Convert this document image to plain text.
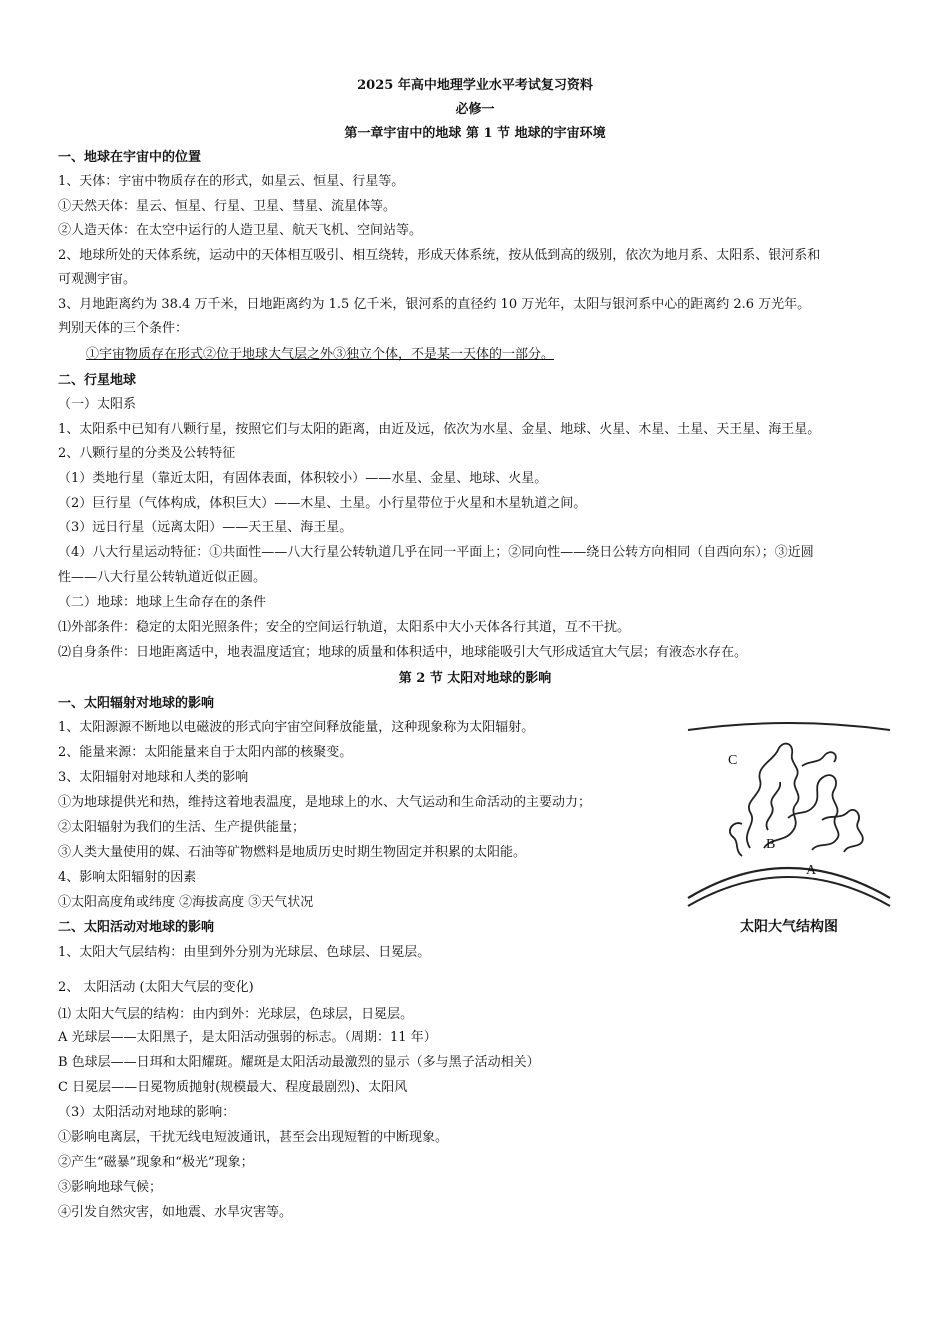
2025 年高中地理学业水平考试复习资料
必修一
第一章宇宙中的地球 第 1 节 地球的宇宙环境
一、地球在宇宙中的位置
1、天体：宇宙中物质存在的形式，如星云、恒星、行星等。
①天然天体：星云、恒星、行星、卫星、彗星、流星体等。
②人造天体：在太空中运行的人造卫星、航天飞机、空间站等。
2、地球所处的天体系统，运动中的天体相互吸引、相互绕转，形成天体系统，按从低到高的级别，依次为地月系、太阳系、银河系和
可观测宇宙。
3、月地距离约为 38.4 万千米，日地距离约为 1.5 亿千米，银河系的直径约 10 万光年，太阳与银河系中心的距离约 2.6 万光年。
判别天体的三个条件：
①宇宙物质存在形式②位于地球大气层之外③独立个体，不是某一天体的一部分。
二、行星地球
（一）太阳系
1、太阳系中已知有八颗行星，按照它们与太阳的距离，由近及远，依次为水星、金星、地球、火星、木星、土星、天王星、海王星。
2、八颗行星的分类及公转特征
（1）类地行星（靠近太阳，有固体表面，体积较小）——水星、金星、地球、火星。
（2）巨行星（气体构成，体积巨大）——木星、土星。小行星带位于火星和木星轨道之间。
（3）远日行星（远离太阳）——天王星、海王星。
（4）八大行星运动特征：①共面性——八大行星公转轨道几乎在同一平面上；②同向性——绕日公转方向相同（自西向东）；③近圆
性——八大行星公转轨道近似正圆。
（二）地球：地球上生命存在的条件
⑴外部条件：稳定的太阳光照条件；安全的空间运行轨道，太阳系中大小天体各行其道，互不干扰。
⑵自身条件：日地距离适中，地表温度适宜；地球的质量和体积适中，地球能吸引大气形成适宜大气层；有液态水存在。
第 2 节 太阳对地球的影响
一、太阳辐射对地球的影响
1、太阳源源不断地以电磁波的形式向宇宙空间释放能量，这种现象称为太阳辐射。
2、能量来源：太阳能量来自于太阳内部的核聚变。
3、太阳辐射对地球和人类的影响
①为地球提供光和热，维持这着地表温度，是地球上的水、大气运动和生命活动的主要动力；
②太阳辐射为我们的生活、生产提供能量；
③人类大量使用的媒、石油等矿物燃料是地质历史时期生物固定并积累的太阳能。
4、影响太阳辐射的因素
①太阳高度角或纬度 ②海拔高度 ③天气状况
二、太阳活动对地球的影响
1、太阳大气层结构：由里到外分别为光球层、色球层、日冕层。
2、 太阳活动 (太阳大气层的变化)
⑴ 太阳大气层的结构：由内到外：光球层，色球层，日冕层。
A 光球层——太阳黑子，是太阳活动强弱的标志。（周期：11 年）
B 色球层——日珥和太阳耀斑。耀斑是太阳活动最激烈的显示（多与黑子活动相关）
C 日冕层——日冕物质抛射(规模最大、程度最剧烈)、太阳风
（3）太阳活动对地球的影响：
①影响电离层，干扰无线电短波通讯，甚至会出现短暂的中断现象。
②产生“磁暴”现象和“极光”现象；
③影响地球气候；
④引发自然灾害，如地震、水旱灾害等。
C
B
A
太阳大气结构图
